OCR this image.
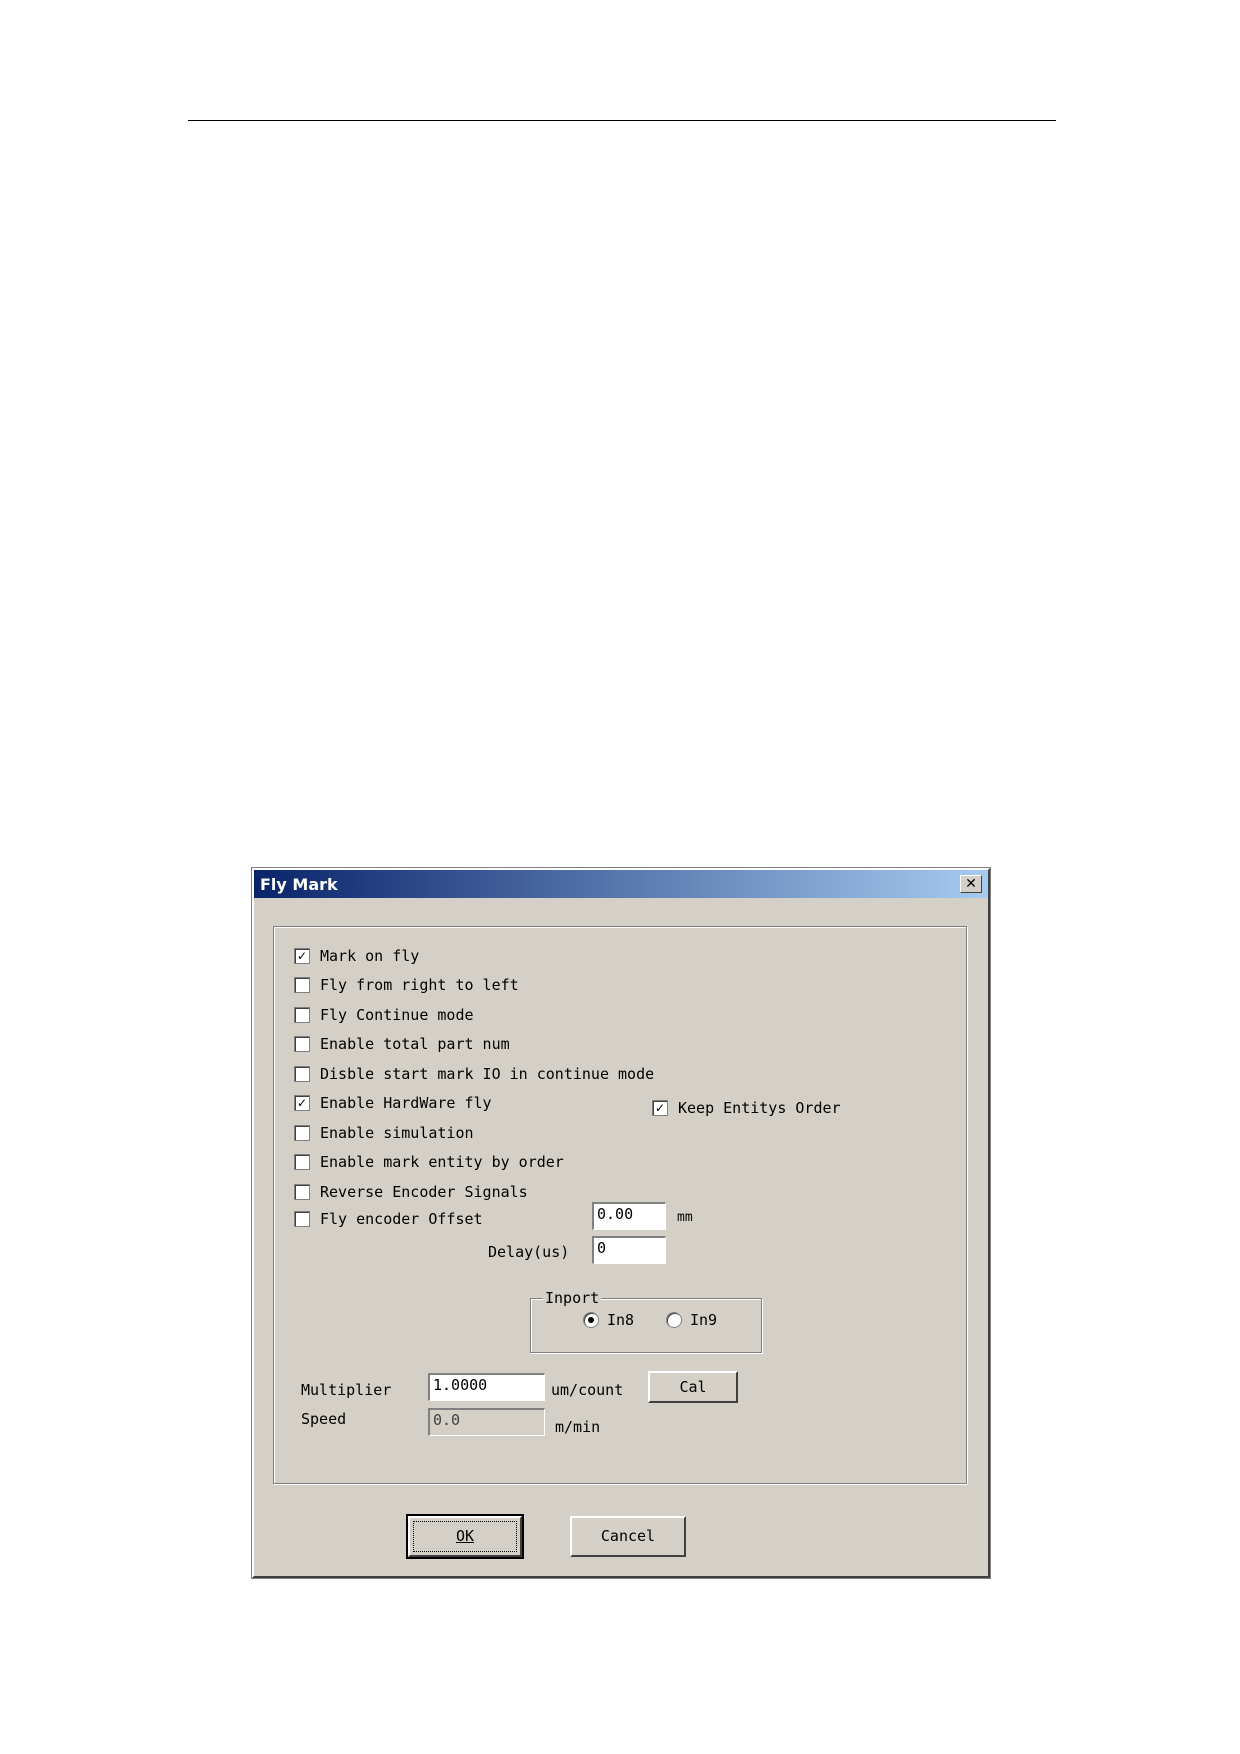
Fly Mark	✕
✓ Mark on fly
Fly from right to left
Fly Continue mode
Enable total part num
Disble start mark IO in continue mode
✓ Enable HardWare fly	✓ Keep Entitys Order
Enable simulation
Enable mark entity by order
Reverse Encoder Signals
Fly encoder Offset	0.00	mm
Delay(us)	0
Inport
In8	In9
Multiplier	1.0000	um/count	Cal
Speed	0.0	m/min
OK	Cancel
